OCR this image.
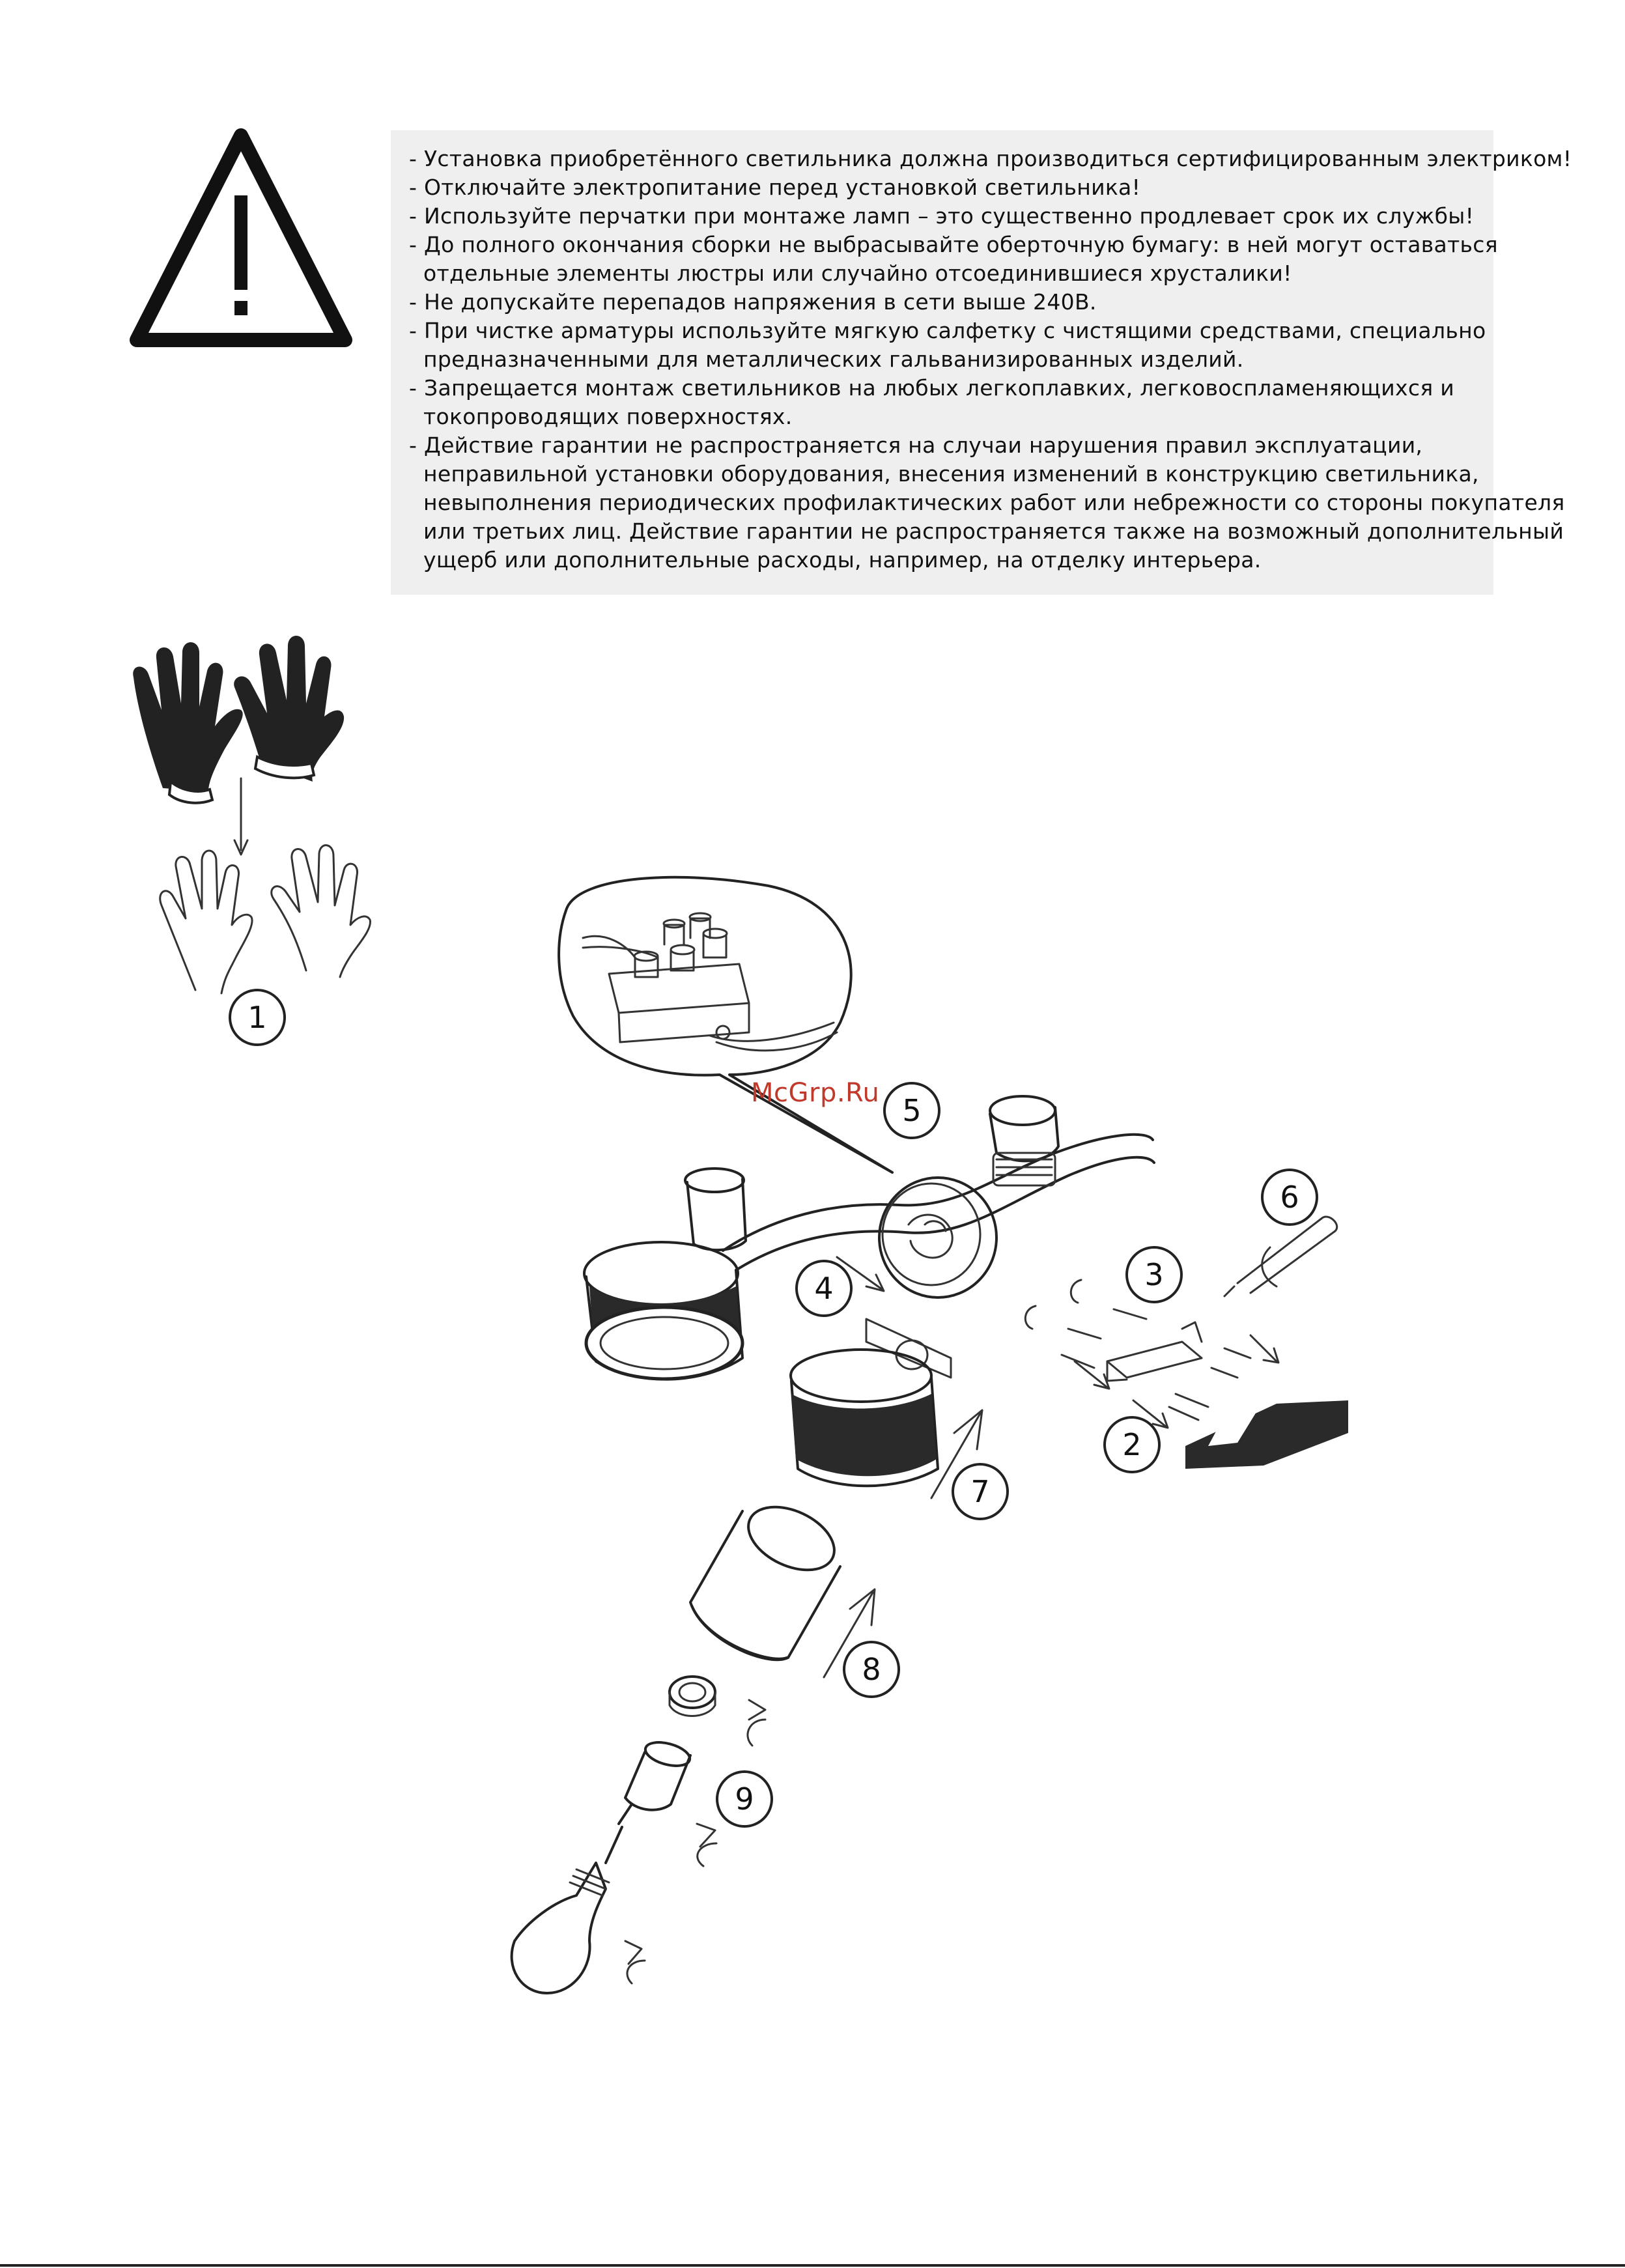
- Установка приобретённого светильника должна производиться сертифицированным электриком!
- Отключайте электропитание перед установкой светильника!
- Используйте перчатки при монтаже ламп – это существенно продлевает срок их службы!
- До полного окончания сборки не выбрасывайте оберточную бумагу: в ней могут оставаться
отдельные элементы люстры или случайно отсоединившиеся хрусталики!
- Не допускайте перепадов напряжения в сети выше 240В.
- При чистке арматуры используйте мягкую салфетку с чистящими средствами, специально
предназначенными для металлических гальванизированных изделий.
- Запрещается монтаж светильников на любых легкоплавких, легковоспламеняющихся и
токопроводящих поверхностях.
- Действие гарантии не распространяется на случаи нарушения правил эксплуатации,
неправильной установки оборудования, внесения изменений в конструкцию светильника,
невыполнения периодических профилактических работ или небрежности со стороны покупателя
или третьих лиц. Действие гарантии не распространяется также на возможный дополнительный
ущерб или дополнительные расходы, например, на отделку интерьера.
1
5
4
6
3
2
7
8
9
McGrp.Ru
